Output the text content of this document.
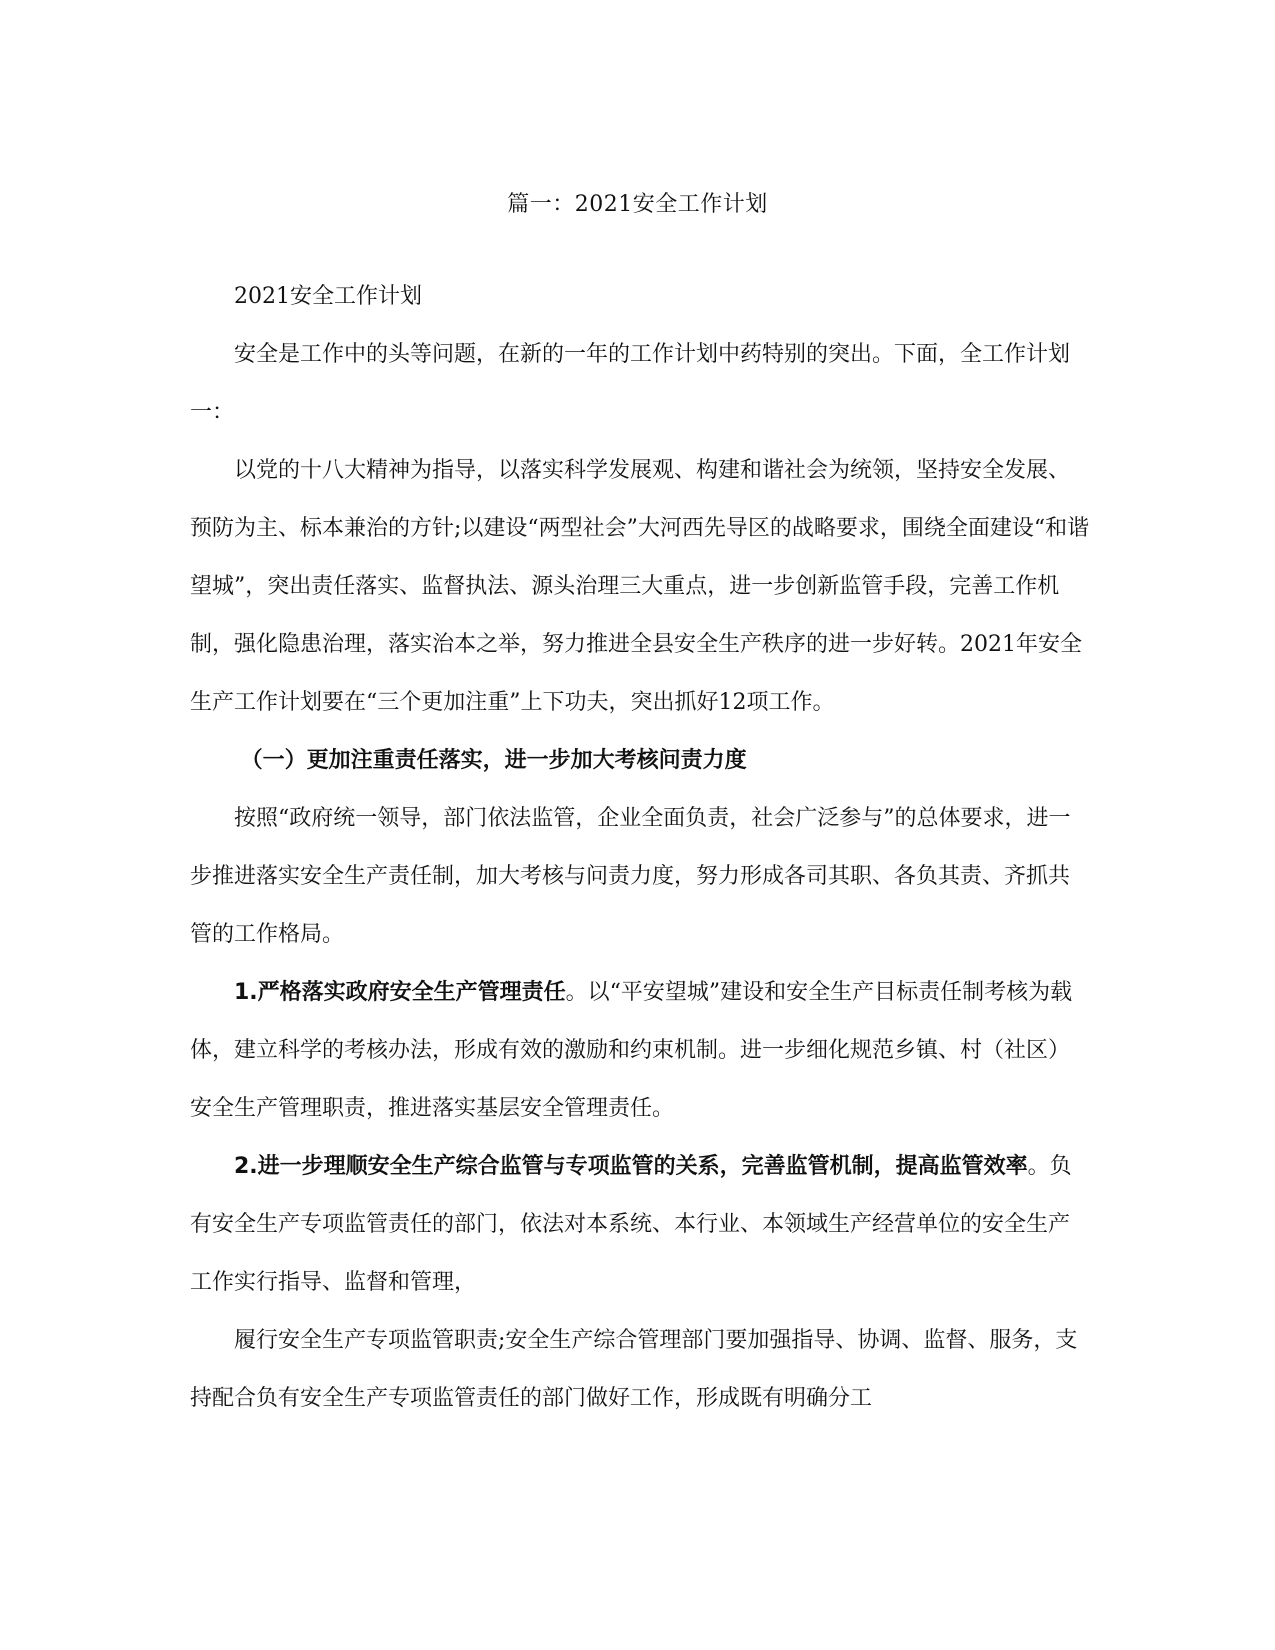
篇一：2021安全工作计划

2021安全工作计划

安全是工作中的头等问题，在新的一年的工作计划中药特别的突出。下面，全工作计划一：

以党的十八大精神为指导，以落实科学发展观、构建和谐社会为统领，坚持安全发展、预防为主、标本兼治的方针;以建设“两型社会”大河西先导区的战略要求，围绕全面建设“和谐望城”，突出责任落实、监督执法、源头治理三大重点，进一步创新监管手段，完善工作机制，强化隐患治理，落实治本之举，努力推进全县安全生产秩序的进一步好转。2021年安全生产工作计划要在“三个更加注重”上下功夫，突出抓好12项工作。

（一）更加注重责任落实，进一步加大考核问责力度

按照“政府统一领导，部门依法监管，企业全面负责，社会广泛参与”的总体要求，进一步推进落实安全生产责任制，加大考核与问责力度，努力形成各司其职、各负其责、齐抓共管的工作格局。

1.严格落实政府安全生产管理责任。以“平安望城”建设和安全生产目标责任制考核为载体，建立科学的考核办法，形成有效的激励和约束机制。进一步细化规范乡镇、村（社区）安全生产管理职责，推进落实基层安全管理责任。

2.进一步理顺安全生产综合监管与专项监管的关系，完善监管机制，提高监管效率。负有安全生产专项监管责任的部门，依法对本系统、本行业、本领域生产经营单位的安全生产工作实行指导、监督和管理，

履行安全生产专项监管职责;安全生产综合管理部门要加强指导、协调、监督、服务，支持配合负有安全生产专项监管责任的部门做好工作，形成既有明确分工
